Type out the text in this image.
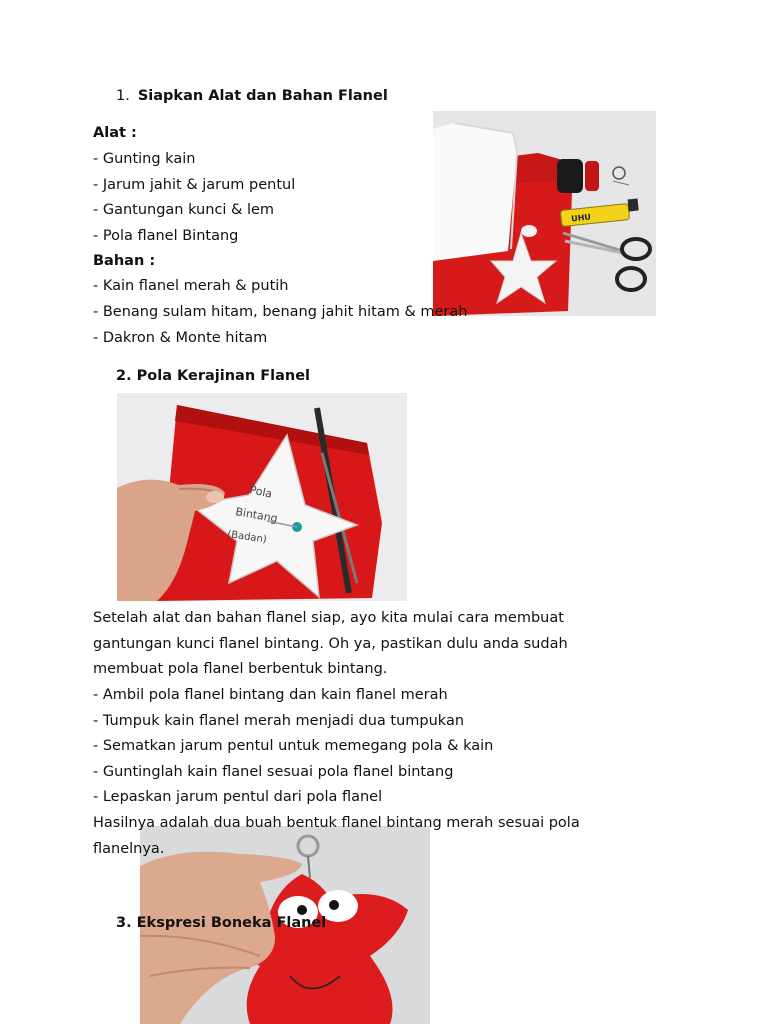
1. Siapkan Alat dan Bahan Flanel
UHU
Alat :
- Gunting kain
- Jarum jahit & jarum pentul
- Gantungan kunci & lem
- Pola flanel Bintang
Bahan :
- Kain flanel merah & putih
- Benang sulam hitam, benang jahit hitam & merah
- Dakron & Monte hitam
2. Pola Kerajinan Flanel
Pola
Bintang
(Badan)
Setelah alat dan bahan flanel siap, ayo kita mulai cara membuat
gantungan kunci flanel bintang. Oh ya, pastikan dulu anda sudah
membuat pola flanel berbentuk bintang.
- Ambil pola flanel bintang dan kain flanel merah
- Tumpuk kain flanel merah menjadi dua tumpukan
- Sematkan jarum pentul untuk memegang pola & kain
- Guntinglah kain flanel sesuai pola flanel bintang
- Lepaskan jarum pentul dari pola flanel
Hasilnya adalah dua buah bentuk flanel bintang merah sesuai pola
flanelnya.
3. Ekspresi Boneka Flanel
